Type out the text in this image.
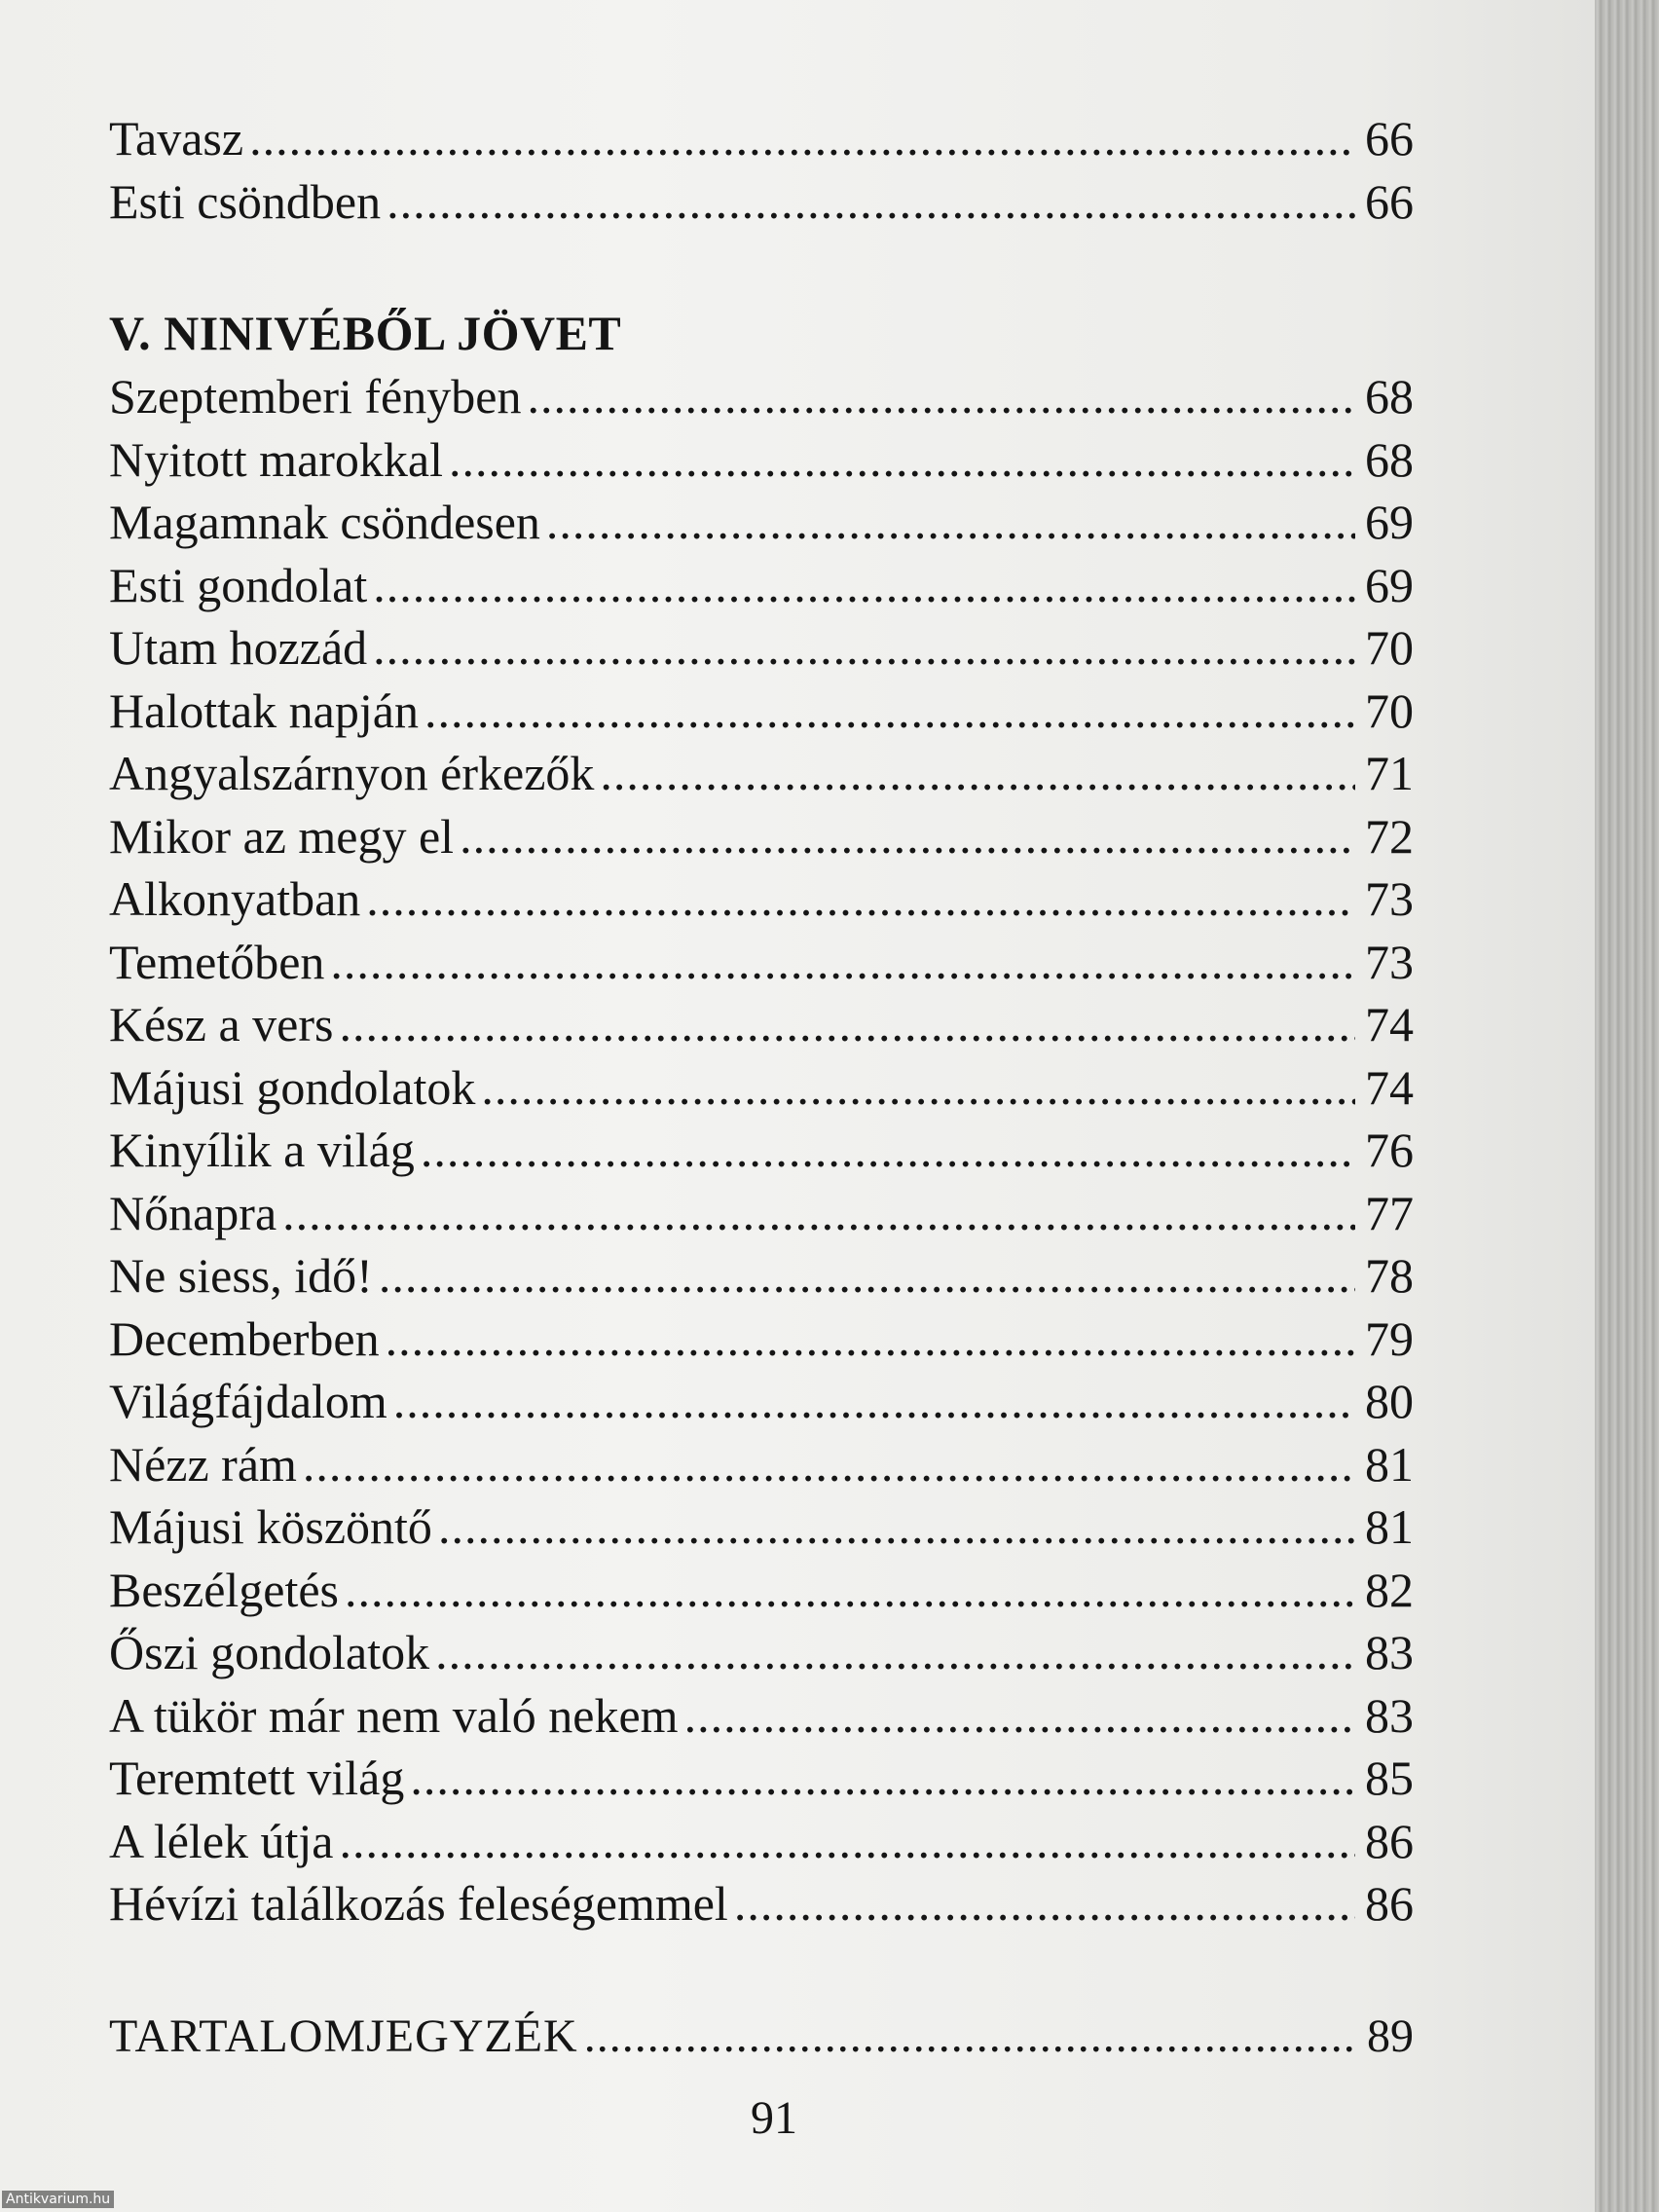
Tavasz .....	66
Esti csöndben .....	66
V. NINIVÉBŐL JÖVET
Szeptemberi fényben .....	68
Nyitott marokkal .....	68
Magamnak csöndesen .....	69
Esti gondolat .....	69
Utam hozzád .....	70
Halottak napján .....	70
Angyalszárnyon érkezők .....	71
Mikor az megy el .....	72
Alkonyatban .....	73
Temetőben .....	73
Kész a vers .....	74
Májusi gondolatok .....	74
Kinyílik a világ .....	76
Nőnapra .....	77
Ne siess, idő! .....	78
Decemberben .....	79
Világfájdalom .....	80
Nézz rám .....	81
Májusi köszöntő .....	81
Beszélgetés .....	82
Őszi gondolatok .....	83
A tükör már nem való nekem .....	83
Teremtett világ .....	85
A lélek útja .....	86
Hévízi találkozás feleségemmel .....	86
TARTALOMJEGYZÉK .....	89
91
Antikvarium.hu
